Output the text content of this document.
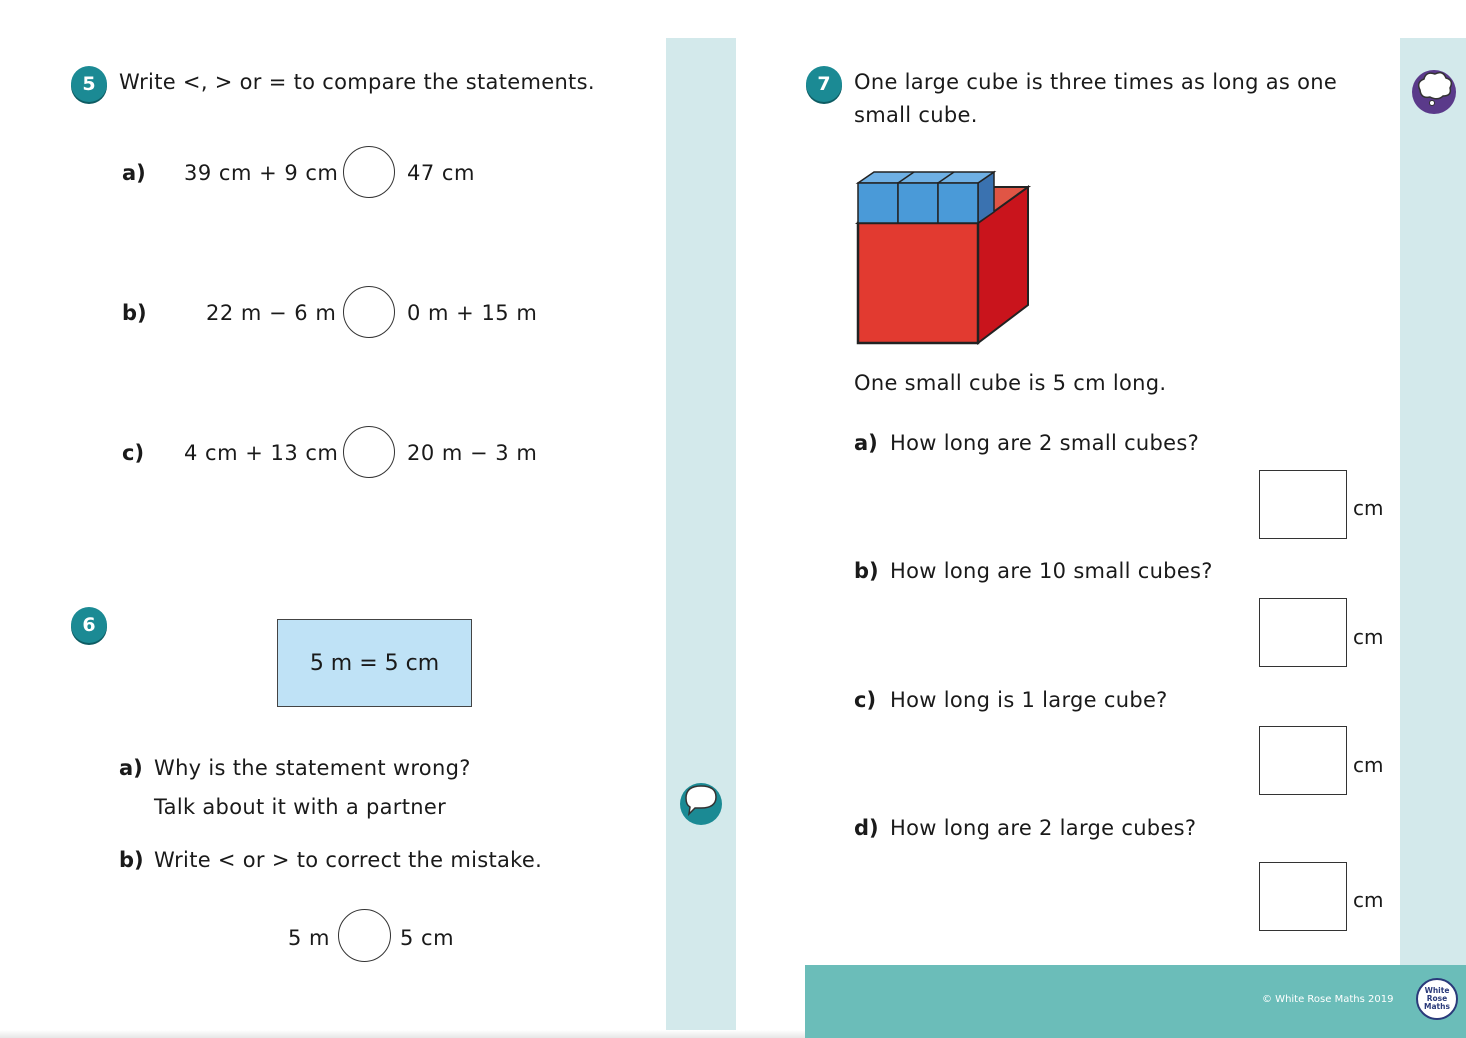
5	Write <, > or = to compare the statements.
a) 39 cm + 9 cm	47 cm
b)	22 m − 6 m	0 m + 15 m
c) 4 cm + 13 cm	20 m − 3 m
6
5 m = 5 cm
a) Why is the statement wrong?
Talk about it with a partner
b) Write < or > to correct the mistake.
5 m	5 cm
7	One large cube is three times as long as one
small cube.
One small cube is 5 cm long.
a) How long are 2 small cubes?
cm
b) How long are 10 small cubes?
cm
c) How long is 1 large cube?
cm
d) How long are 2 large cubes?
cm
© White Rose Maths 2019
White
Rose
Maths
